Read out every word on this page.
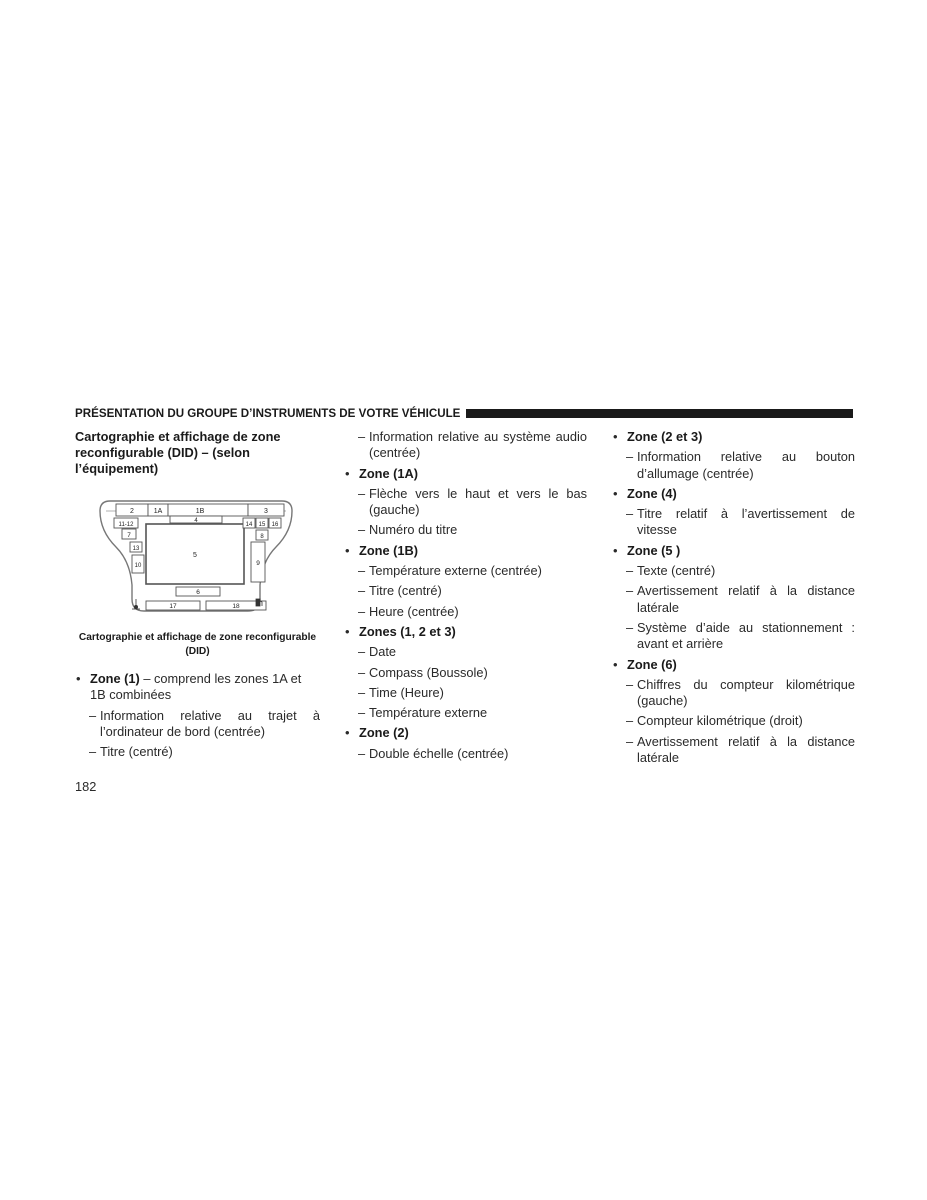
PRÉSENTATION DU GROUPE D’INSTRUMENTS DE VOTRE VÉHICULE
Cartographie et affichage de zone reconfigurable (DID) – (selon l’équipement)
2	1A	1B	3
4
11-12
7
13
10
5
14 15 16
8
9
6
17	18
Cartographie et affichage de zone reconfigurable (DID)
• Zone (1) – comprend les zones 1A et 1B combinées
– Information relative au trajet à l’ordinateur de bord (centrée)
– Titre (centré)
– Information relative au système audio (centrée)
• Zone (1A)
– Flèche vers le haut et vers le bas (gauche)
– Numéro du titre
• Zone (1B)
– Température externe (centrée)
– Titre (centré)
– Heure (centrée)
• Zones (1, 2 et 3)
– Date
– Compass (Boussole)
– Time (Heure)
– Température externe
• Zone (2)
– Double échelle (centrée)
• Zone (2 et 3)
– Information relative au bouton d’allumage (centrée)
• Zone (4)
– Titre relatif à l’avertissement de vitesse
• Zone (5 )
– Texte (centré)
– Avertissement relatif à la distance latérale
– Système d’aide au stationnement : avant et arrière
• Zone (6)
– Chiffres du compteur kilométrique (gauche)
– Compteur kilométrique (droit)
– Avertissement relatif à la distance latérale
182
